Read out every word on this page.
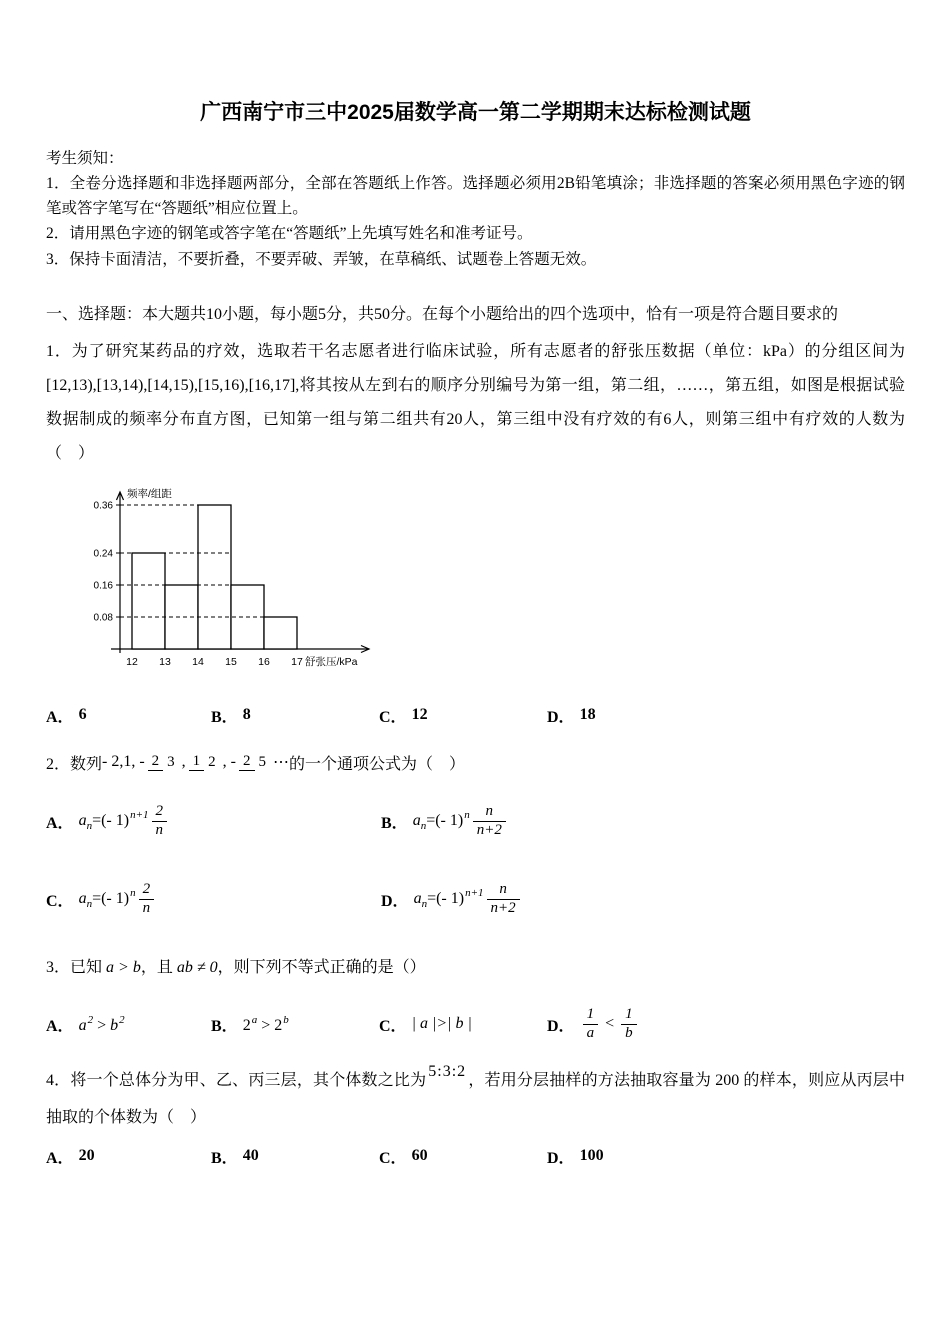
广西南宁市三中2025届数学高一第二学期期末达标检测试题

考生须知：

1．全卷分选择题和非选择题两部分，全部在答题纸上作答。选择题必须用2B铅笔填涂；非选择题的答案必须用黑色字迹的钢笔或答字笔写在“答题纸”相应位置上。

2．请用黑色字迹的钢笔或答字笔在“答题纸”上先填写姓名和准考证号。

3．保持卡面清洁，不要折叠，不要弄破、弄皱，在草稿纸、试题卷上答题无效。

一、选择题：本大题共10小题，每小题5分，共50分。在每个小题给出的四个选项中，恰有一项是符合题目要求的

1．为了研究某药品的疗效，选取若干名志愿者进行临床试验，所有志愿者的舒张压数据（单位：kPa）的分组区间为[12,13),[13,14),[14,15),[15,16),[16,17],将其按从左到右的顺序分别编号为第一组，第二组，……，第五组，如图是根据试验数据制成的频率分布直方图，已知第一组与第二组共有20人，第三组中没有疗效的有6人，则第三组中有疗效的人数为（　）

频率/组距
0.08
0.16
0.24
0.36
12 13 14 15 16 17 舒张压/kPa
A． 6	B． 8	C． 12	D． 18
2．数列 - 2,1, - 2 3 , 1 2 , - 2 5 ⋯ 的一个通项公式为（　）
A． $a_n=(-$ $1)^{n+1} \frac{2}{n}$	B． $a_n=(-$ $1)^n \frac{n}{n+2}$
C． $a_n=(-$ $1)^n \frac{2}{n}$	D． $a_n=(-$ $1)^{n+1} \frac{n}{n+2}$

3．已知 a > b，且 ab ≠ 0，则下列不等式正确的是（）

A． $a^2 > b^2$	B． $2^a > 2^b$	C． | a |>| b |	D． $\frac{1}{a} < \frac{1}{b}$

4．将一个总体分为甲、乙、丙三层，其个体数之比为5:3:2，若用分层抽样的方法抽取容量为 200 的样本，则应从丙层中抽取的个体数为（　）

A． 20	B． 40	C． 60	D． 100
